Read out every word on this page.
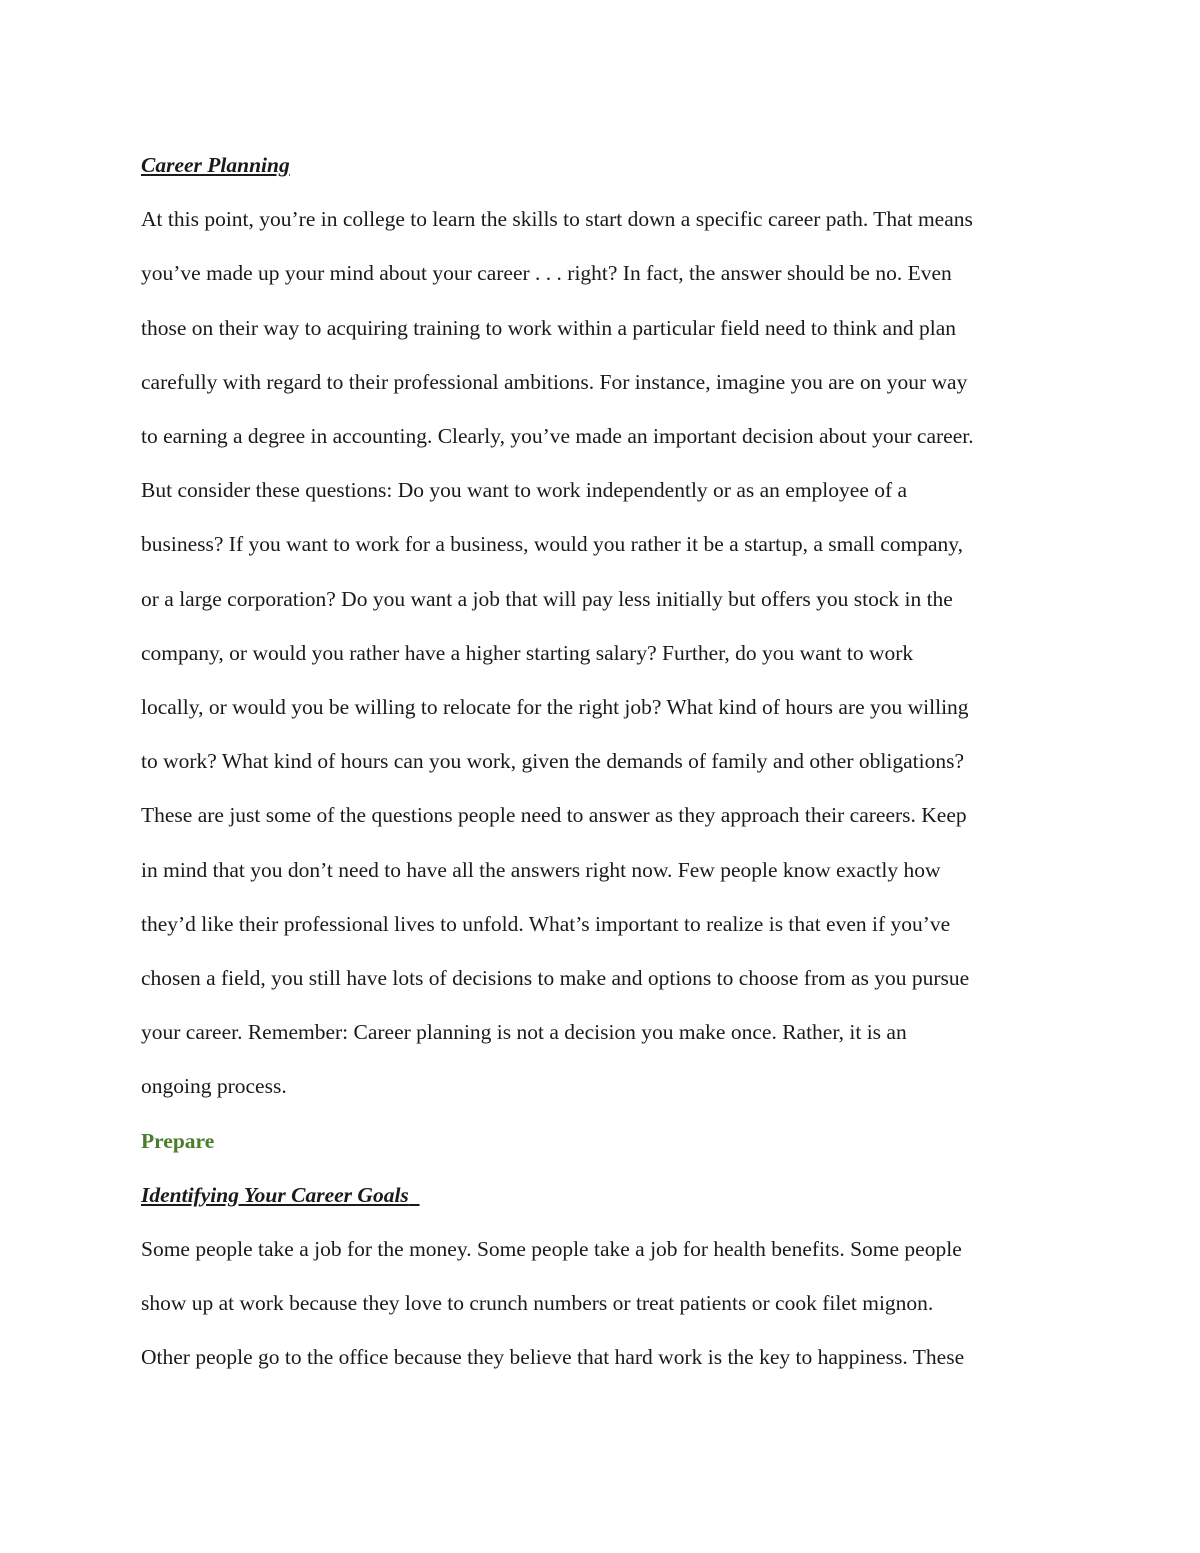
Career Planning
At this point, you’re in college to learn the skills to start down a specific career path. That means
you’ve made up your mind about your career . . . right? In fact, the answer should be no. Even
those on their way to acquiring training to work within a particular field need to think and plan
carefully with regard to their professional ambitions. For instance, imagine you are on your way
to earning a degree in accounting. Clearly, you’ve made an important decision about your career.
But consider these questions: Do you want to work independently or as an employee of a
business? If you want to work for a business, would you rather it be a startup, a small company,
or a large corporation? Do you want a job that will pay less initially but offers you stock in the
company, or would you rather have a higher starting salary? Further, do you want to work
locally, or would you be willing to relocate for the right job? What kind of hours are you willing
to work? What kind of hours can you work, given the demands of family and other obligations?
These are just some of the questions people need to answer as they approach their careers. Keep
in mind that you don’t need to have all the answers right now. Few people know exactly how
they’d like their professional lives to unfold. What’s important to realize is that even if you’ve
chosen a field, you still have lots of decisions to make and options to choose from as you pursue
your career. Remember: Career planning is not a decision you make once. Rather, it is an
ongoing process.
Prepare
Identifying Your Career Goals
Some people take a job for the money. Some people take a job for health benefits. Some people
show up at work because they love to crunch numbers or treat patients or cook filet mignon.
Other people go to the office because they believe that hard work is the key to happiness. These
